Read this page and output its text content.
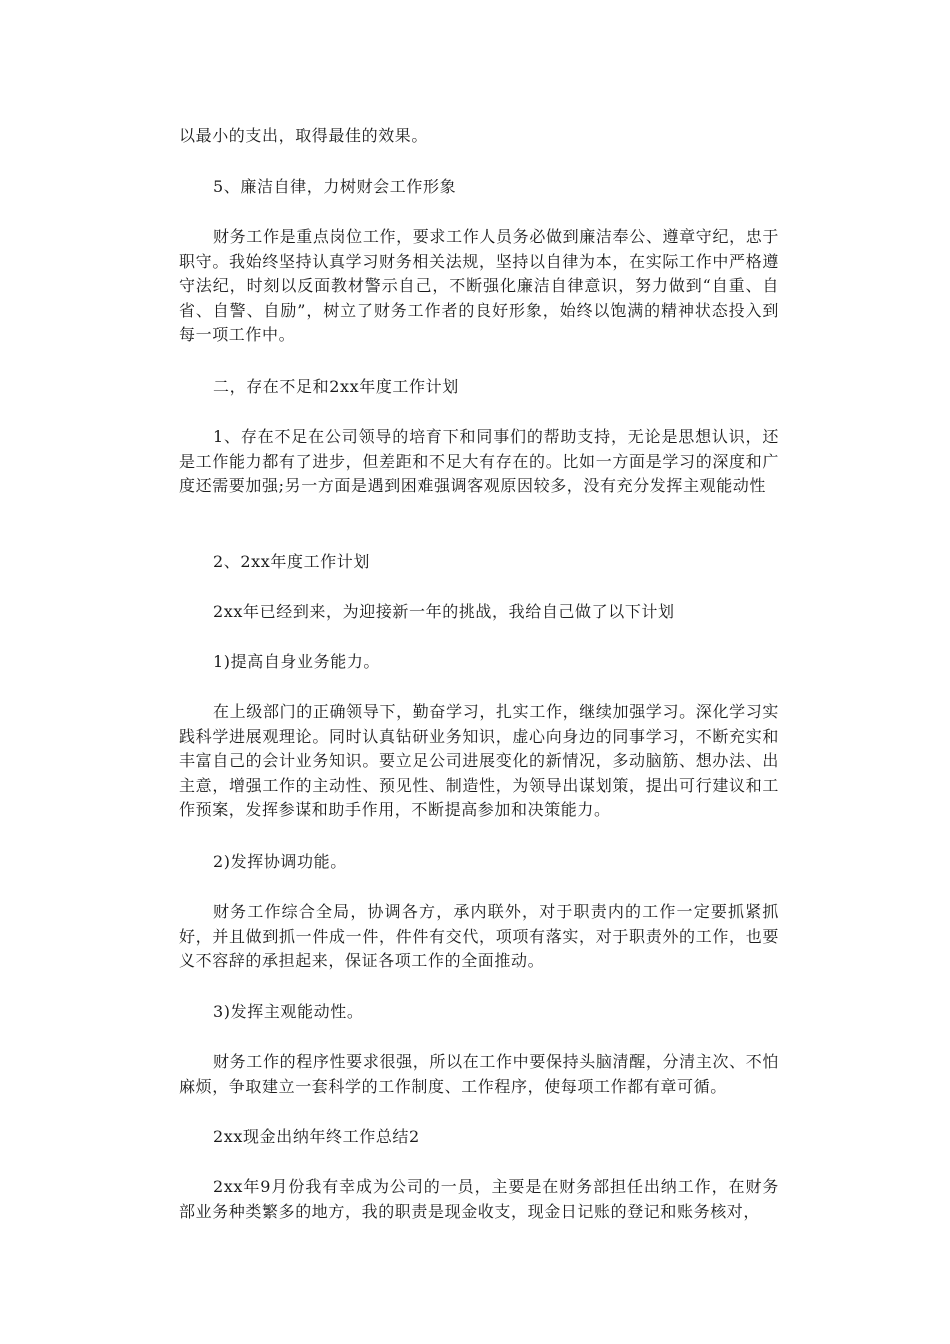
以最小的支出，取得最佳的效果。

5、廉洁自律，力树财会工作形象

财务工作是重点岗位工作，要求工作人员务必做到廉洁奉公、遵章守纪，忠于职守。我始终坚持认真学习财务相关法规，坚持以自律为本，在实际工作中严格遵守法纪，时刻以反面教材警示自己，不断强化廉洁自律意识，努力做到“自重、自省、自警、自励”，树立了财务工作者的良好形象，始终以饱满的精神状态投入到每一项工作中。

二，存在不足和2xx年度工作计划

1、存在不足在公司领导的培育下和同事们的帮助支持，无论是思想认识，还是工作能力都有了进步，但差距和不足大有存在的。比如一方面是学习的深度和广度还需要加强;另一方面是遇到困难强调客观原因较多，没有充分发挥主观能动性

2、2xx年度工作计划

2xx年已经到来，为迎接新一年的挑战，我给自己做了以下计划

1)提高自身业务能力。

在上级部门的正确领导下，勤奋学习，扎实工作，继续加强学习。深化学习实践科学进展观理论。同时认真钻研业务知识，虚心向身边的同事学习，不断充实和丰富自己的会计业务知识。要立足公司进展变化的新情况，多动脑筋、想办法、出主意，增强工作的主动性、预见性、制造性，为领导出谋划策，提出可行建议和工作预案，发挥参谋和助手作用，不断提高参加和决策能力。

2)发挥协调功能。

财务工作综合全局，协调各方，承内联外，对于职责内的工作一定要抓紧抓好，并且做到抓一件成一件，件件有交代，项项有落实，对于职责外的工作，也要义不容辞的承担起来，保证各项工作的全面推动。

3)发挥主观能动性。

财务工作的程序性要求很强，所以在工作中要保持头脑清醒，分清主次、不怕麻烦，争取建立一套科学的工作制度、工作程序，使每项工作都有章可循。

2xx现金出纳年终工作总结2

2xx年9月份我有幸成为公司的一员，主要是在财务部担任出纳工作，在财务部业务种类繁多的地方，我的职责是现金收支，现金日记账的登记和账务核对，
